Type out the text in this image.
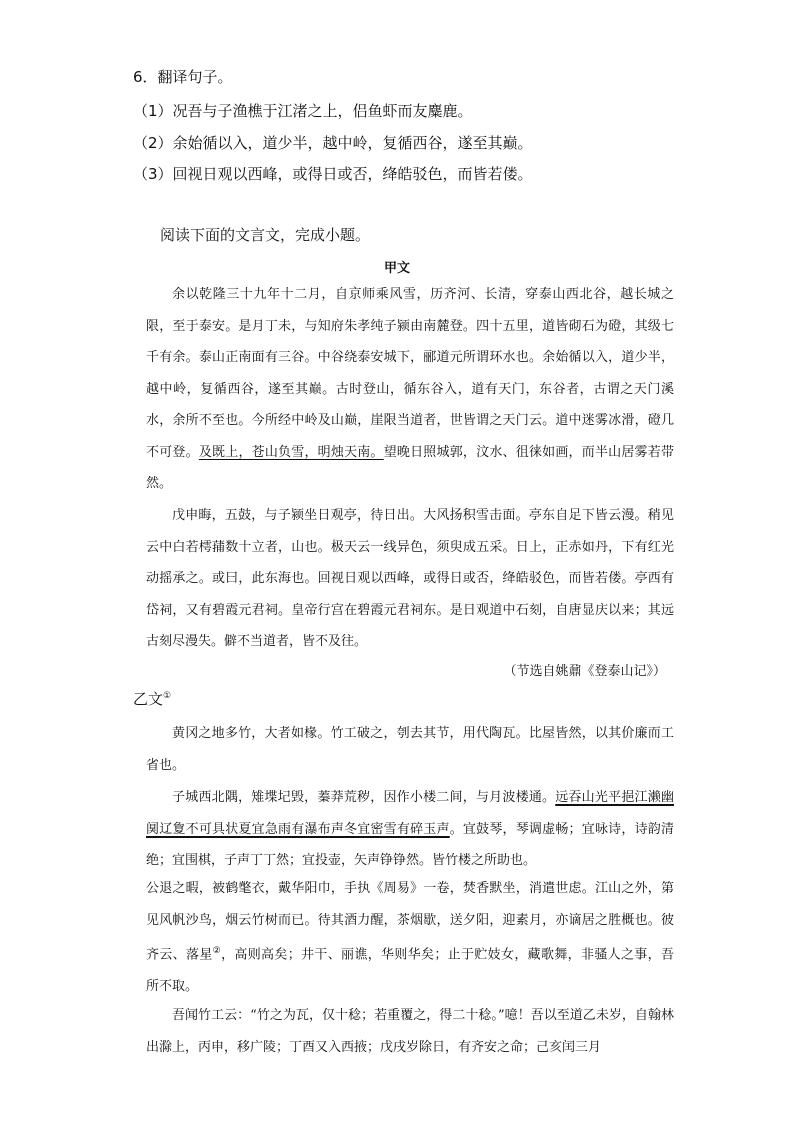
6．翻译句子。
（1）况吾与子渔樵于江渚之上，侣鱼虾而友麋鹿。
（2）余始循以入，道少半，越中岭，复循西谷，遂至其巅。
（3）回视日观以西峰，或得日或否，绛皓驳色，而皆若偻。
阅读下面的文言文，完成小题。
甲文

余以乾隆三十九年十二月，自京师乘风雪，历齐河、长清，穿泰山西北谷，越长城之限，至于泰安。是月丁未，与知府朱孝纯子颍由南麓登。四十五里，道皆砌石为磴，其级七千有余。泰山正南面有三谷。中谷绕泰安城下，郦道元所谓环水也。余始循以入，道少半，越中岭，复循西谷，遂至其巅。古时登山，循东谷入，道有天门，东谷者，古谓之天门溪水，余所不至也。今所经中岭及山巅，崖限当道者，世皆谓之天门云。道中迷雾冰滑，磴几不可登。及既上，苍山负雪，明烛天南。望晚日照城郭，汶水、徂徕如画，而半山居雾若带然。

戊申晦，五鼓，与子颍坐日观亭，待日出。大风扬积雪击面。亭东自足下皆云漫。稍见云中白若樗蒱数十立者，山也。极天云一线异色，须臾成五采。日上，正赤如丹，下有红光动摇承之。或曰，此东海也。回视日观以西峰，或得日或否，绛皓驳色，而皆若偻。亭西有岱祠，又有碧霞元君祠。皇帝行宫在碧霞元君祠东。是日观道中石刻，自唐显庆以来；其远古刻尽漫失。僻不当道者，皆不及往。

（节选自姚鼐《登泰山记》）
乙文①

黄冈之地多竹，大者如椽。竹工破之，刳去其节，用代陶瓦。比屋皆然，以其价廉而工省也。

子城西北隅，雉堞圮毁，蓁莽荒秽，因作小楼二间，与月波楼通。远吞山光平挹江濑幽阒辽夐不可具状夏宜急雨有瀑布声冬宜密雪有碎玉声。宜鼓琴，琴调虚畅；宜咏诗，诗韵清绝；宜围棋，子声丁丁然；宜投壶，矢声铮铮然。皆竹楼之所助也。

公退之暇，被鹤氅衣，戴华阳巾，手执《周易》一卷，焚香默坐，消遣世虑。江山之外，第见风帆沙鸟，烟云竹树而已。待其酒力醒，茶烟歇，送夕阳，迎素月，亦谪居之胜概也。彼齐云、落星②，高则高矣；井干、丽谯，华则华矣；止于贮妓女，藏歌舞，非骚人之事，吾所不取。

吾闻竹工云：“竹之为瓦，仅十稔；若重覆之，得二十稔。”噫！吾以至道乙未岁，自翰林出滁上，丙申，移广陵；丁酉又入西掖；戊戌岁除日，有齐安之命；己亥闰三月
